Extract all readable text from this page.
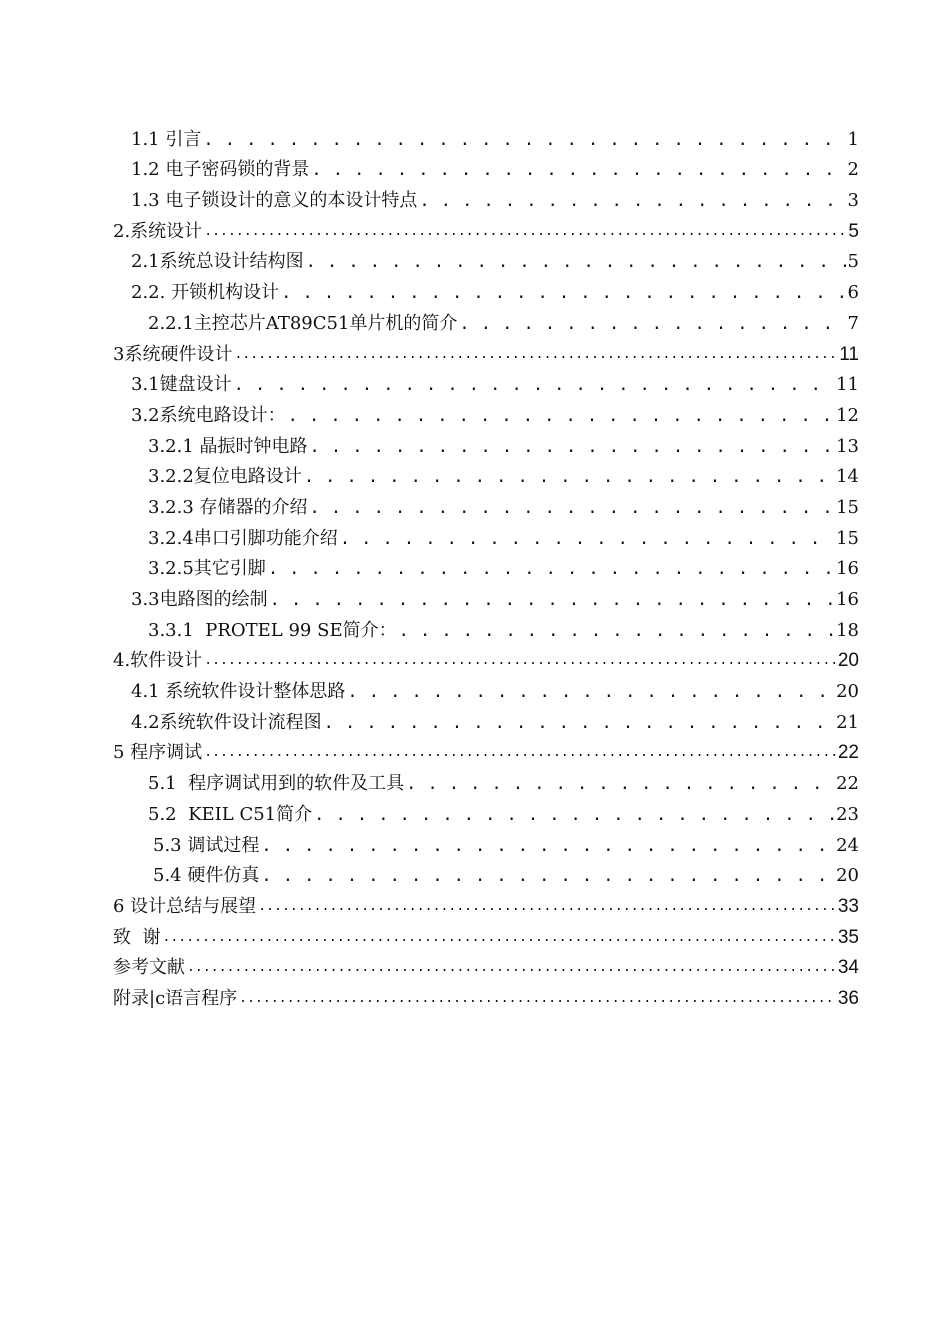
1.1 引言 . . .	1
1.2 电子密码锁的背景 . . .	2
1.3 电子锁设计的意义的本设计特点 . . .	3
2.系统设计 .....	5
2.1系统总设计结构图 . . .	5
2.2. 开锁机构设计 . . .	6
2.2.1主控芯片AT89C51单片机的简介 . . .	7
3系统硬件设计 .....	11
3.1键盘设计 . . .	11
3.2系统电路设计： . . .	12
3.2.1 晶振时钟电路 . . .	13
3.2.2复位电路设计 . . .	14
3.2.3 存储器的介绍 . . .	15
3.2.4串口引脚功能介绍 . . .	15
3.2.5其它引脚 . . .	16
3.3电路图的绘制 . . .	16
3.3.1  PROTEL 99 SE简介： . . .	18
4.软件设计 .....	20
4.1 系统软件设计整体思路 . . .	20
4.2系统软件设计流程图 . . .	21
5 程序调试 .....	22
5.1  程序调试用到的软件及工具 . . .	22
5.2  KEIL C51简介 . . .	23
5.3 调试过程 . . .	24
5.4 硬件仿真 . . .	20
6 设计总结与展望 .....	33
致  谢 .....	35
参考文献 .....	34
附录|c语言程序 .....	36
